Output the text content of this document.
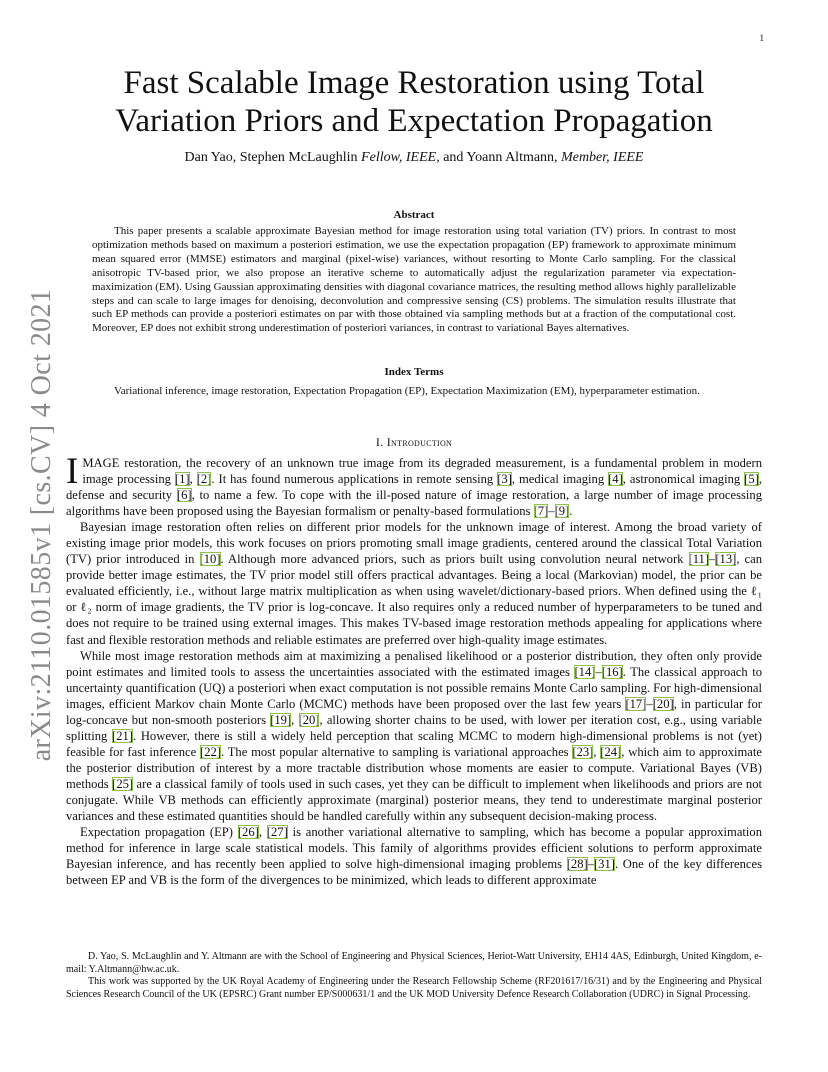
1
arXiv:2110.01585v1 [cs.CV] 4 Oct 2021
Fast Scalable Image Restoration using Total
Variation Priors and Expectation Propagation
Dan Yao, Stephen McLaughlin Fellow, IEEE, and Yoann Altmann, Member, IEEE
Abstract
This paper presents a scalable approximate Bayesian method for image restoration using total variation (TV) priors. In contrast to most optimization methods based on maximum a posteriori estimation, we use the expectation propagation (EP) framework to approximate minimum mean squared error (MMSE) estimators and marginal (pixel-wise) variances, without resorting to Monte Carlo sampling. For the classical anisotropic TV-based prior, we also propose an iterative scheme to automatically adjust the regularization parameter via expectation-maximization (EM). Using Gaussian approximating densities with diagonal covariance matrices, the resulting method allows highly parallelizable steps and can scale to large images for denoising, deconvolution and compressive sensing (CS) problems. The simulation results illustrate that such EP methods can provide a posteriori estimates on par with those obtained via sampling methods but at a fraction of the computational cost. Moreover, EP does not exhibit strong underestimation of posteriori variances, in contrast to variational Bayes alternatives.
Index Terms
Variational inference, image restoration, Expectation Propagation (EP), Expectation Maximization (EM), hyperparameter estimation.
I. Introduction

IMAGE restoration, the recovery of an unknown true image from its degraded measurement, is a fundamental problem in modern image processing [1], [2]. It has found numerous applications in remote sensing [3], medical imaging [4], astronomical imaging [5], defense and security [6], to name a few. To cope with the ill-posed nature of image restoration, a large number of image processing algorithms have been proposed using the Bayesian formalism or penalty-based formulations [7]–[9].

Bayesian image restoration often relies on different prior models for the unknown image of interest. Among the broad variety of existing image prior models, this work focuses on priors promoting small image gradients, centered around the classical Total Variation (TV) prior introduced in [10]. Although more advanced priors, such as priors built using convolution neural network [11]–[13], can provide better image estimates, the TV prior model still offers practical advantages. Being a local (Markovian) model, the prior can be evaluated efficiently, i.e., without large matrix multiplication as when using wavelet/dictionary-based priors. When defined using the ℓ₁ or ℓ₂ norm of image gradients, the TV prior is log-concave. It also requires only a reduced number of hyperparameters to be tuned and does not require to be trained using external images. This makes TV-based image restoration methods appealing for applications where fast and flexible restoration methods and reliable estimates are preferred over high-quality image estimates.

While most image restoration methods aim at maximizing a penalised likelihood or a posterior distribution, they often only provide point estimates and limited tools to assess the uncertainties associated with the estimated images [14]–[16]. The classical approach to uncertainty quantification (UQ) a posteriori when exact computation is not possible remains Monte Carlo sampling. For high-dimensional images, efficient Markov chain Monte Carlo (MCMC) methods have been proposed over the last few years [17]–[20], in particular for log-concave but non-smooth posteriors [19], [20], allowing shorter chains to be used, with lower per iteration cost, e.g., using variable splitting [21]. However, there is still a widely held perception that scaling MCMC to modern high-dimensional problems is not (yet) feasible for fast inference [22]. The most popular alternative to sampling is variational approaches [23], [24], which aim to approximate the posterior distribution of interest by a more tractable distribution whose moments are easier to compute. Variational Bayes (VB) methods [25] are a classical family of tools used in such cases, yet they can be difficult to implement when likelihoods and priors are not conjugate. While VB methods can efficiently approximate (marginal) posterior means, they tend to underestimate marginal posterior variances and these estimated quantities should be handled carefully within any subsequent decision-making process.

Expectation propagation (EP) [26], [27] is another variational alternative to sampling, which has become a popular approximation method for inference in large scale statistical models. This family of algorithms provides efficient solutions to perform approximate Bayesian inference, and has recently been applied to solve high-dimensional imaging problems [28]–[31]. One of the key differences between EP and VB is the form of the divergences to be minimized, which leads to different approximate

D. Yao, S. McLaughlin and Y. Altmann are with the School of Engineering and Physical Sciences, Heriot-Watt University, EH14 4AS, Edinburgh, United Kingdom, e-mail: Y.Altmann@hw.ac.uk.

This work was supported by the UK Royal Academy of Engineering under the Research Fellowship Scheme (RF201617/16/31) and by the Engineering and Physical Sciences Research Council of the UK (EPSRC) Grant number EP/S000631/1 and the UK MOD University Defence Research Collaboration (UDRC) in Signal Processing.
